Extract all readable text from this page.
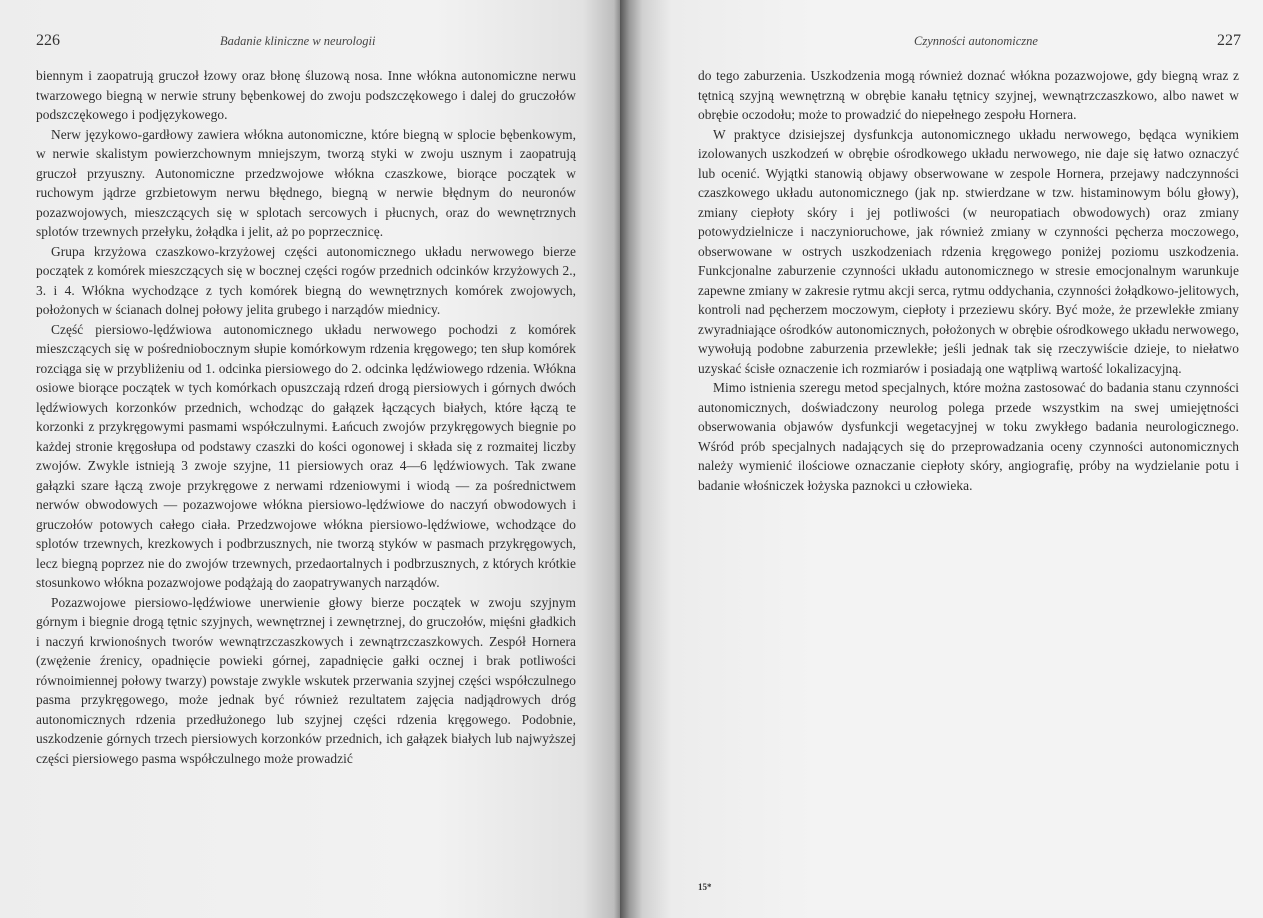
226	Badanie kliniczne w neurologii

biennym i zaopatrują gruczoł łzowy oraz błonę śluzową nosa. Inne włókna autonomiczne nerwu twarzowego biegną w nerwie struny bębenkowej do zwoju podszczękowego i dalej do gruczołów podszczękowego i podjęzykowego.

Nerw językowo-gardłowy zawiera włókna autonomiczne, które biegną w splocie bębenkowym, w nerwie skalistym powierzchownym mniejszym, tworzą styki w zwoju usznym i zaopatrują gruczoł przyuszny. Autonomiczne przedzwojowe włókna czaszkowe, biorące początek w ruchowym jądrze grzbietowym nerwu błędnego, biegną w nerwie błędnym do neuronów pozazwojowych, mieszczących się w splotach sercowych i płucnych, oraz do wewnętrznych splotów trzewnych przełyku, żołądka i jelit, aż po poprzecznicę.

Grupa krzyżowa czaszkowo-krzyżowej części autonomicznego układu nerwowego bierze początek z komórek mieszczących się w bocznej części rogów przednich odcinków krzyżowych 2., 3. i 4. Włókna wychodzące z tych komórek biegną do wewnętrznych komórek zwojowych, położonych w ścianach dolnej połowy jelita grubego i narządów miednicy.

Część piersiowo-lędźwiowa autonomicznego układu nerwowego pochodzi z komórek mieszczących się w pośredniobocznym słupie komórkowym rdzenia kręgowego; ten słup komórek rozciąga się w przybliżeniu od 1. odcinka piersiowego do 2. odcinka lędźwiowego rdzenia. Włókna osiowe biorące początek w tych komórkach opuszczają rdzeń drogą piersiowych i górnych dwóch lędźwiowych korzonków przednich, wchodząc do gałązek łączących białych, które łączą te korzonki z przykręgowymi pasmami współczulnymi. Łańcuch zwojów przykręgowych biegnie po każdej stronie kręgosłupa od podstawy czaszki do kości ogonowej i składa się z rozmaitej liczby zwojów. Zwykle istnieją 3 zwoje szyjne, 11 piersiowych oraz 4—6 lędźwiowych. Tak zwane gałązki szare łączą zwoje przykręgowe z nerwami rdzeniowymi i wiodą — za pośrednictwem nerwów obwodowych — pozazwojowe włókna piersiowo-lędźwiowe do naczyń obwodowych i gruczołów potowych całego ciała. Przedzwojowe włókna piersiowo-lędźwiowe, wchodzące do splotów trzewnych, krezkowych i podbrzusznych, nie tworzą styków w pasmach przykręgowych, lecz biegną poprzez nie do zwojów trzewnych, przedaortalnych i podbrzusznych, z których krótkie stosunkowo włókna pozazwojowe podążają do zaopatrywanych narządów.

Pozazwojowe piersiowo-lędźwiowe unerwienie głowy bierze początek w zwoju szyjnym górnym i biegnie drogą tętnic szyjnych, wewnętrznej i zewnętrznej, do gruczołów, mięśni gładkich i naczyń krwionośnych tworów wewnątrzczaszkowych i zewnątrzczaszkowych. Zespół Hornera (zwężenie źrenicy, opadnięcie powieki górnej, zapadnięcie gałki ocznej i brak potliwości równoimiennej połowy twarzy) powstaje zwykle wskutek przerwania szyjnej części współczulnego pasma przykręgowego, może jednak być również rezultatem zajęcia nadjądrowych dróg autonomicznych rdzenia przedłużonego lub szyjnej części rdzenia kręgowego. Podobnie, uszkodzenie górnych trzech piersiowych korzonków przednich, ich gałązek białych lub najwyższej części piersiowego pasma współczulnego może prowadzić

Czynności autonomiczne	227

do tego zaburzenia. Uszkodzenia mogą również doznać włókna pozazwojowe, gdy biegną wraz z tętnicą szyjną wewnętrzną w obrębie kanału tętnicy szyjnej, wewnątrzczaszkowo, albo nawet w obrębie oczodołu; może to prowadzić do niepełnego zespołu Hornera.

W praktyce dzisiejszej dysfunkcja autonomicznego układu nerwowego, będąca wynikiem izolowanych uszkodzeń w obrębie ośrodkowego układu nerwowego, nie daje się łatwo oznaczyć lub ocenić. Wyjątki stanowią objawy obserwowane w zespole Hornera, przejawy nadczynności czaszkowego układu autonomicznego (jak np. stwierdzane w tzw. histaminowym bólu głowy), zmiany ciepłoty skóry i jej potliwości (w neuropatiach obwodowych) oraz zmiany potowydzielnicze i naczynioruchowe, jak również zmiany w czynności pęcherza moczowego, obserwowane w ostrych uszkodzeniach rdzenia kręgowego poniżej poziomu uszkodzenia. Funkcjonalne zaburzenie czynności układu autonomicznego w stresie emocjonalnym warunkuje zapewne zmiany w zakresie rytmu akcji serca, rytmu oddychania, czynności żołądkowo-jelitowych, kontroli nad pęcherzem moczowym, ciepłoty i przeziewu skóry. Być może, że przewlekłe zmiany zwyradniające ośrodków autonomicznych, położonych w obrębie ośrodkowego układu nerwowego, wywołują podobne zaburzenia przewlekłe; jeśli jednak tak się rzeczywiście dzieje, to niełatwo uzyskać ścisłe oznaczenie ich rozmiarów i posiadają one wątpliwą wartość lokalizacyjną.

Mimo istnienia szeregu metod specjalnych, które można zastosować do badania stanu czynności autonomicznych, doświadczony neurolog polega przede wszystkim na swej umiejętności obserwowania objawów dysfunkcji wegetacyjnej w toku zwykłego badania neurologicznego. Wśród prób specjalnych nadających się do przeprowadzania oceny czynności autonomicznych należy wymienić ilościowe oznaczanie ciepłoty skóry, angiografię, próby na wydzielanie potu i badanie włośniczek łożyska paznokci u człowieka.

15*
